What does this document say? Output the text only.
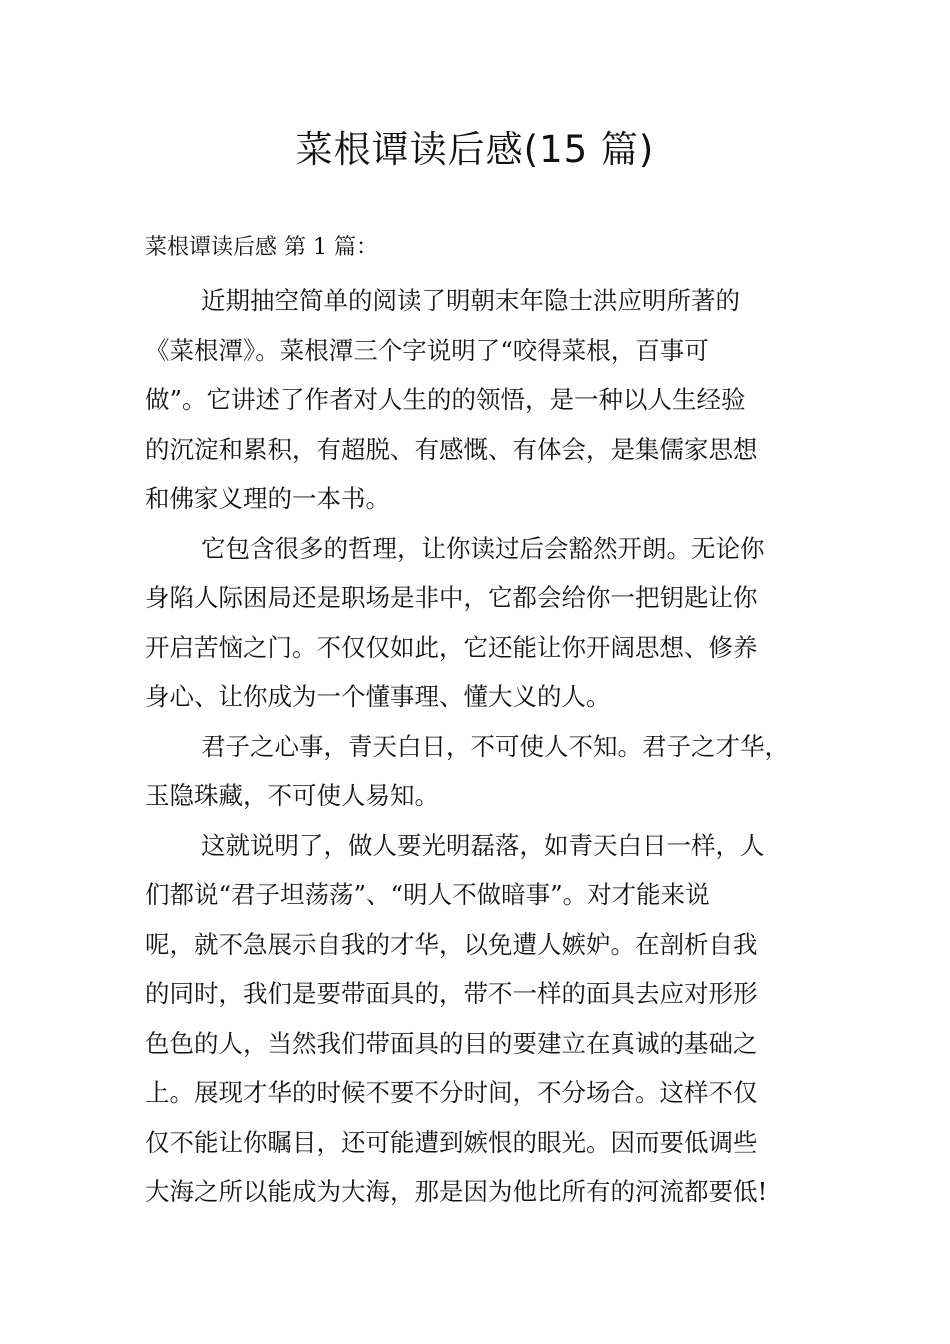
菜根谭读后感(15 篇)
菜根谭读后感 第 1 篇：

近期抽空简单的阅读了明朝末年隐士洪应明所著的
《菜根潭》。菜根潭三个字说明了“咬得菜根，百事可
做”。它讲述了作者对人生的的领悟，是一种以人生经验
的沉淀和累积，有超脱、有感慨、有体会，是集儒家思想
和佛家义理的一本书。

它包含很多的哲理，让你读过后会豁然开朗。无论你
身陷人际困局还是职场是非中，它都会给你一把钥匙让你
开启苦恼之门。不仅仅如此，它还能让你开阔思想、修养
身心、让你成为一个懂事理、懂大义的人。

君子之心事，青天白日，不可使人不知。君子之才华，
玉隐珠藏，不可使人易知。

这就说明了，做人要光明磊落，如青天白日一样，人
们都说“君子坦荡荡”、“明人不做暗事”。对才能来说
呢，就不急展示自我的才华，以免遭人嫉妒。在剖析自我
的同时，我们是要带面具的，带不一样的面具去应对形形
色色的人，当然我们带面具的目的要建立在真诚的基础之
上。展现才华的时候不要不分时间，不分场合。这样不仅
仅不能让你瞩目，还可能遭到嫉恨的眼光。因而要低调些
大海之所以能成为大海，那是因为他比所有的河流都要低!
